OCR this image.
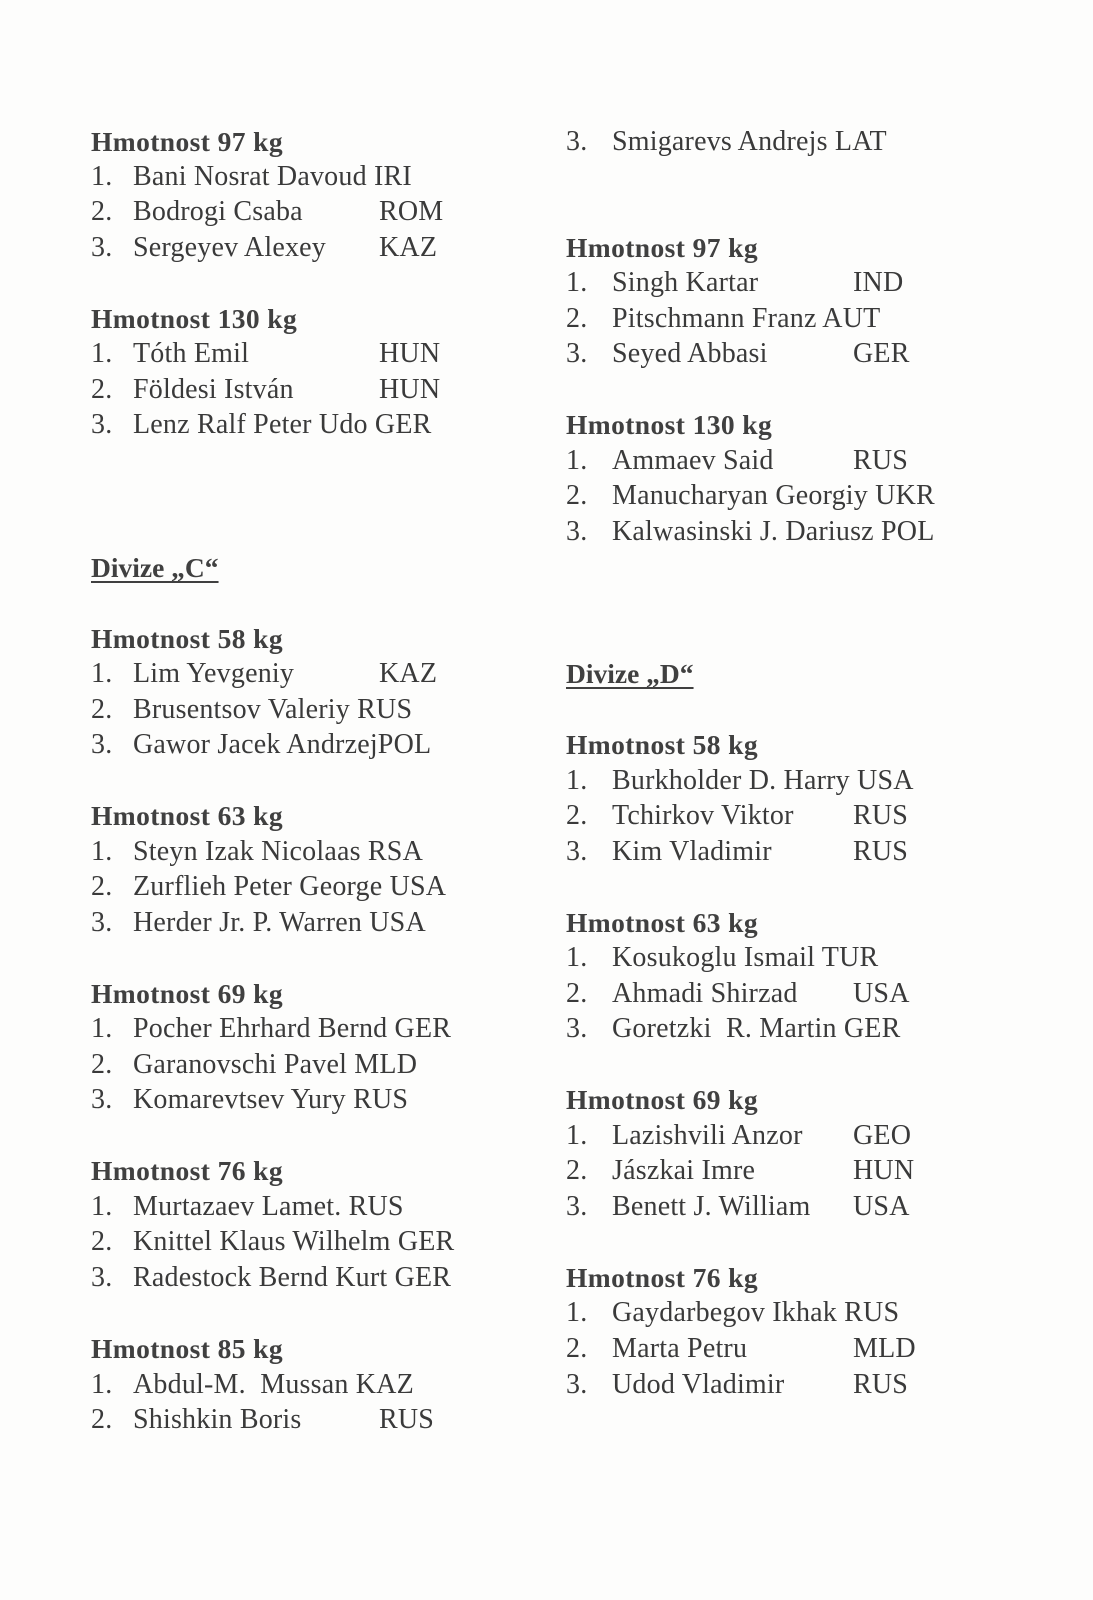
Hmotnost 97 kg
1. Bani Nosrat Davoud IRI
2. Bodrogi Csaba	ROM
3. Sergeyev Alexey KAZ
Hmotnost 130 kg
1. Tóth Emil	HUN
2. Földesi István	HUN
3. Lenz Ralf Peter Udo GER
Divize „C“
Hmotnost 58 kg
1. Lim Yevgeniy	KAZ
2. Brusentsov Valeriy RUS
3. Gawor Jacek AndrzejPOL
Hmotnost 63 kg
1. Steyn Izak Nicolaas RSA
2. Zurflieh Peter George USA
3. Herder Jr. P. Warren USA
Hmotnost 69 kg
1. Pocher Ehrhard Bernd GER
2. Garanovschi Pavel MLD
3. Komarevtsev Yury RUS
Hmotnost 76 kg
1. Murtazaev Lamet. RUS
2. Knittel Klaus Wilhelm GER
3. Radestock Bernd Kurt GER
Hmotnost 85 kg
1. Abdul-M.  Mussan KAZ
2. Shishkin Boris	RUS
3. Smigarevs Andrejs LAT
Hmotnost 97 kg
1. Singh Kartar	IND
2. Pitschmann Franz AUT
3. Seyed Abbasi	GER
Hmotnost 130 kg
1. Ammaev Said	RUS
2. Manucharyan Georgiy UKR
3. Kalwasinski J. Dariusz POL
Divize „D“
Hmotnost 58 kg
1. Burkholder D. Harry USA
2. Tchirkov Viktor RUS
3. Kim Vladimir	RUS
Hmotnost 63 kg
1. Kosukoglu Ismail TUR
2. Ahmadi Shirzad USA
3. Goretzki  R. Martin GER
Hmotnost 69 kg
1. Lazishvili Anzor GEO
2. Jászkai Imre	HUN
3. Benett J. William USA
Hmotnost 76 kg
1. Gaydarbegov Ikhak RUS
2. Marta Petru	MLD
3. Udod Vladimir RUS
